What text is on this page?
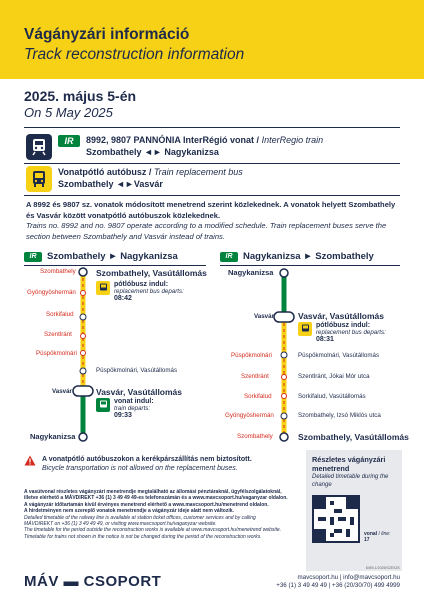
Vágányzári információ
Track reconstruction information
2025. május 5-én
On 5 May 2025
IR	8992, 9807 PANNÓNIA InterRégió vonat / InterRegio train
Szombathely ◄► Nagykanizsa
Vonatpótló autóbusz / Train replacement bus
Szombathely ◄►Vasvár
A 8992 és 9807 sz. vonatok módosított menetrend szerint közlekednek. A vonatok helyett Szombathely és Vasvár között vonatpótló autóbuszok közlekednek.
Trains no. 8992 and no. 9807 operate according to a modified schedule. Train replacement buses serve the section between Szombathely and Vasvár instead of trains.
IR	Szombathely ► Nagykanizsa
Szombathely
Gyöngyöshermán
Sorkifalud
Szentlránt
Püspökmolnári
Vasvár
Nagykanizsa
Szombathely, Vasútállomás
pótlóbusz indul:
replacement bus departs:
08:42
Püspökmolnári, Vasútállomás
Vasvár, Vasútállomás
vonat indul:
train departs:
09:33
IR	Nagykanizsa ► Szombathely
Nagykanizsa
Vasvár
Püspökmolnári
Szentlránt
Sorkifalud
Gyöngyöshermán
Szombathely
Vasvár, Vasútállomás
pótlóbusz indul:
replacement bus departs:
08:31
Püspökmolnári, Vasútállomás
Szentlránt, Jókai Mór utca
Sorkifalud, Vasútállomás
Szombathely, Izsó Miklós utca
Szombathely, Vasútállomás
A vonatpótló autóbuszokon a kerékpárszállítás nem biztosított.
Bicycle transportation is not allowed on the replacement buses.
A vasútvonal részletes vágányzári menetrendje megtalálható az állomási pénztáraknál, ügyfélszolgálatoknál,
illetve elérhető a MÁVDIREKT +36 (1) 3 49 49 49-es telefonszámán és a www.mavcsoport.hu/vaganyzar oldalon.
A vágányzár időtartamán kívül érvényes menetrend elérhető a www.mavcsoport.hu/menetrend oldalon.
A hirdetményen nem szereplő vonatok menetrendje a vágányzár ideje alatt nem változik.
Detailed timetable of the railway line is available at station ticket offices, customer services and by calling
MÁVDIREKT on +36 (1) 3 49 49 49, or visiting www.mavcsoport.hu/vaganyzar website.
The timetable for the period outside the reconstruction works is available at www.mavcsoport.hu/menetrend website.
Timetable for trains not shown in the notice is not be changed during the period of the reconstruction works.
Részletes vágányzári menetrend
Detailed timetable during the change
vonal / line:
17
8459-1/2025/SZESZK
MÁV ▬ CSOPORT	mavcsoport.hu | info@mavcsoport.hu
+36 (1) 3 49 49 49 | +36 (20/30/70) 499 4999
